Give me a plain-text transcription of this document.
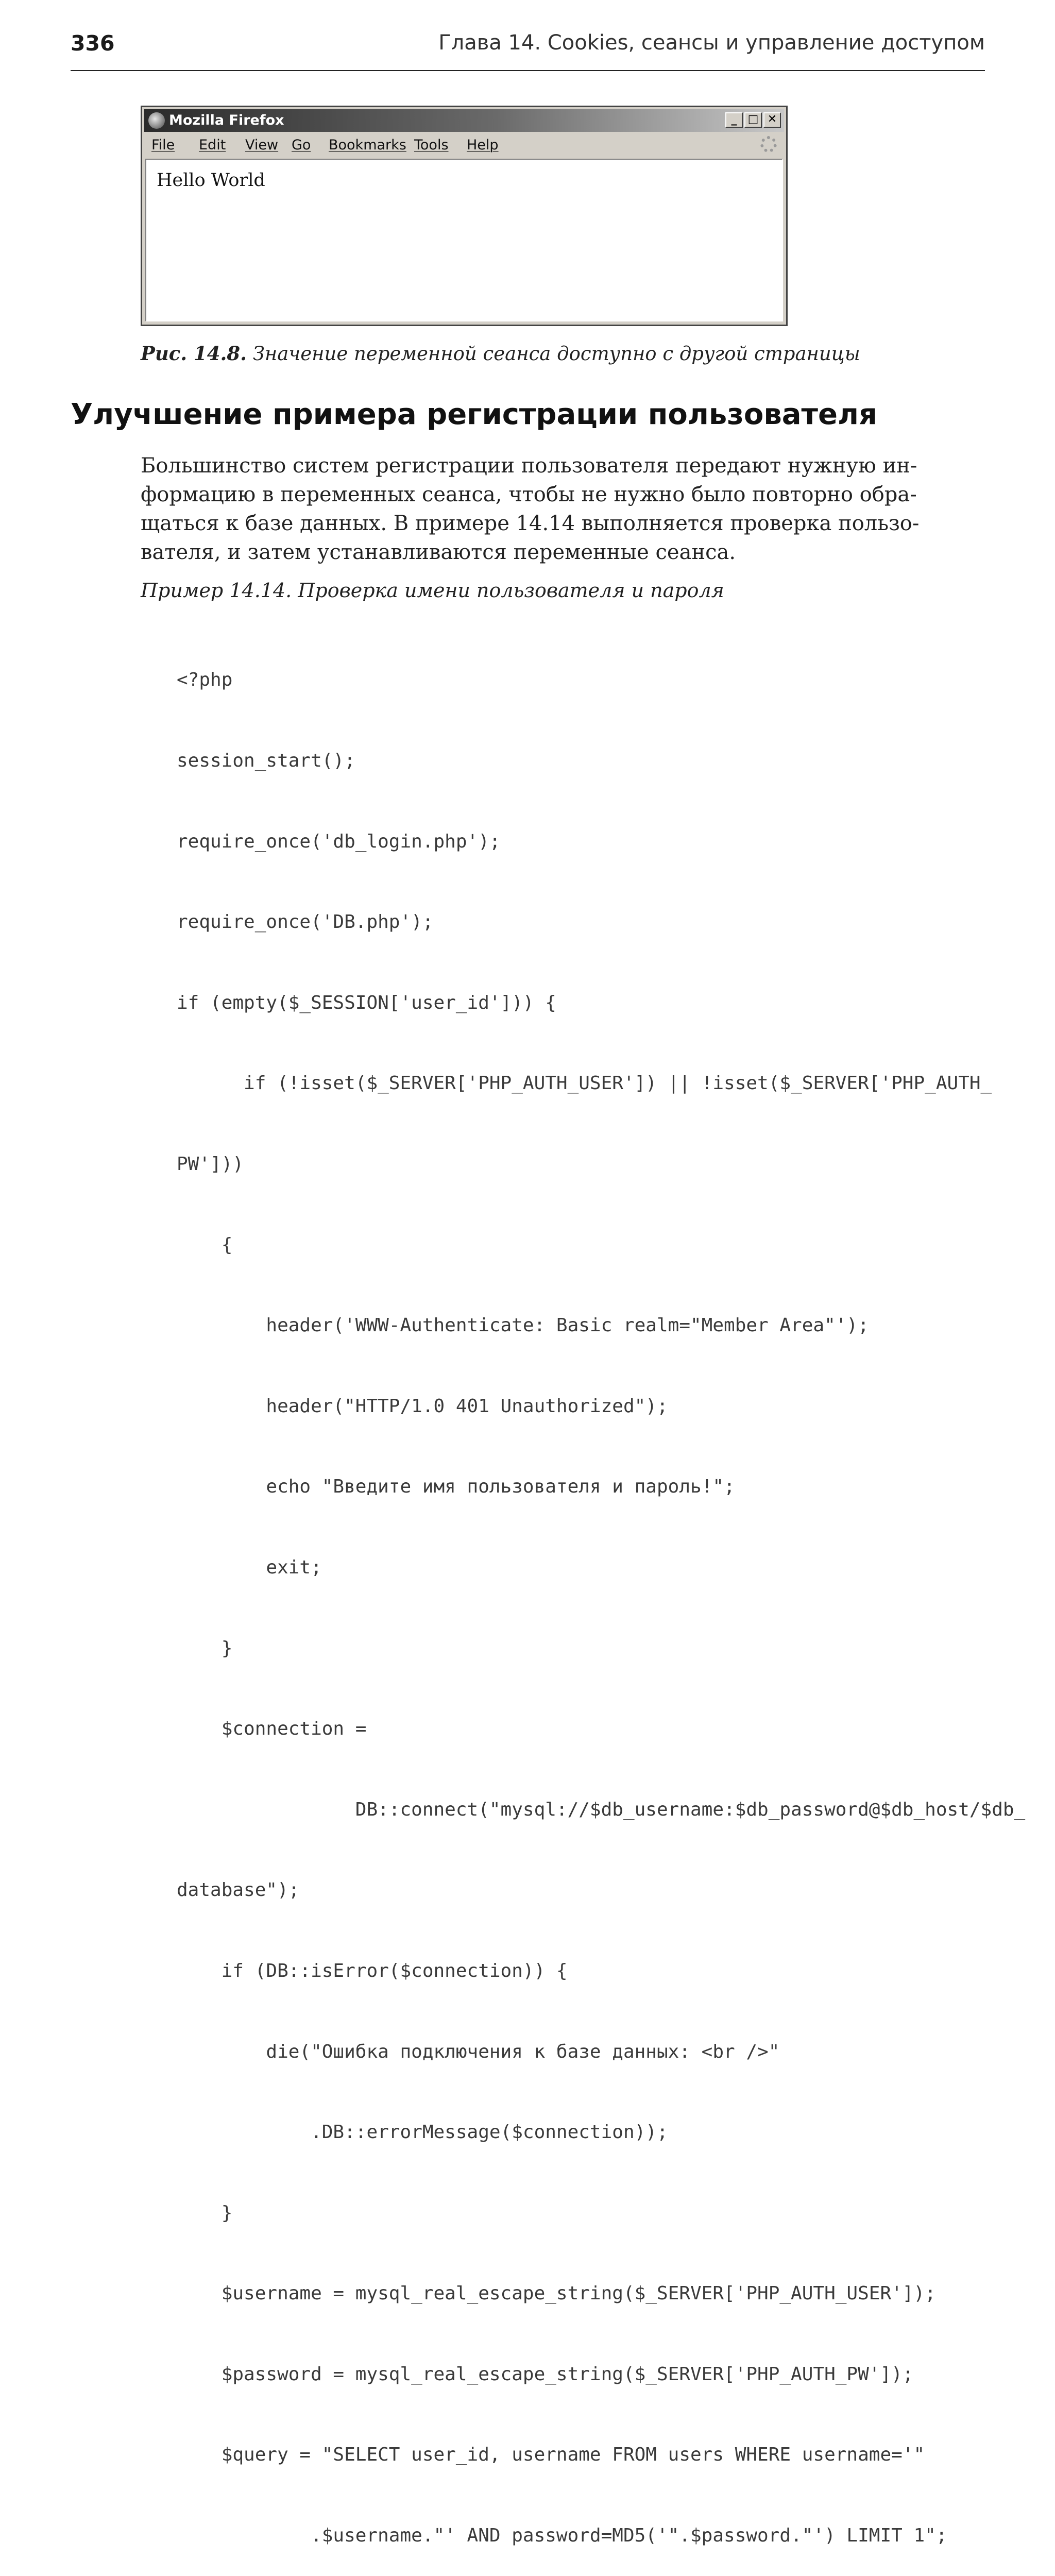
336	Глава 14. Cookies, сеансы и управление доступом
Mozilla Firefox	_ □ ✕
File Edit View Go Bookmarks Tools Help
Hello World
Рис. 14.8. Значение переменной сеанса доступно с другой страницы
Улучшение примера регистрации пользователя
Большинство систем регистрации пользователя передают нужную ин-
формацию в переменных сеанса, чтобы не нужно было повторно обра-
щаться к базе данных. В примере 14.14 выполняется проверка пользо-
вателя, и затем устанавливаются переменные сеанса.
Пример 14.14. Проверка имени пользователя и пароля

<?php

session_start();

require_once('db_login.php');

require_once('DB.php');

if (empty($_SESSION['user_id'])) {

if (!isset($_SERVER['PHP_AUTH_USER']) || !isset($_SERVER['PHP_AUTH_

PW']))

{

header('WWW-Authenticate: Basic realm="Member Area"');

header("HTTP/1.0 401 Unauthorized");

echo "Введите имя пользователя и пароль!";

exit;

}

$connection =

DB::connect("mysql://$db_username:$db_password@$db_host/$db_

database");

if (DB::isError($connection)) {

die("Ошибка подключения к базе данных: <br />"

.DB::errorMessage($connection));

}

$username = mysql_real_escape_string($_SERVER['PHP_AUTH_USER']);

$password = mysql_real_escape_string($_SERVER['PHP_AUTH_PW']);

$query = "SELECT user_id, username FROM users WHERE username='"

.$username."' AND password=MD5('".$password."') LIMIT 1";
